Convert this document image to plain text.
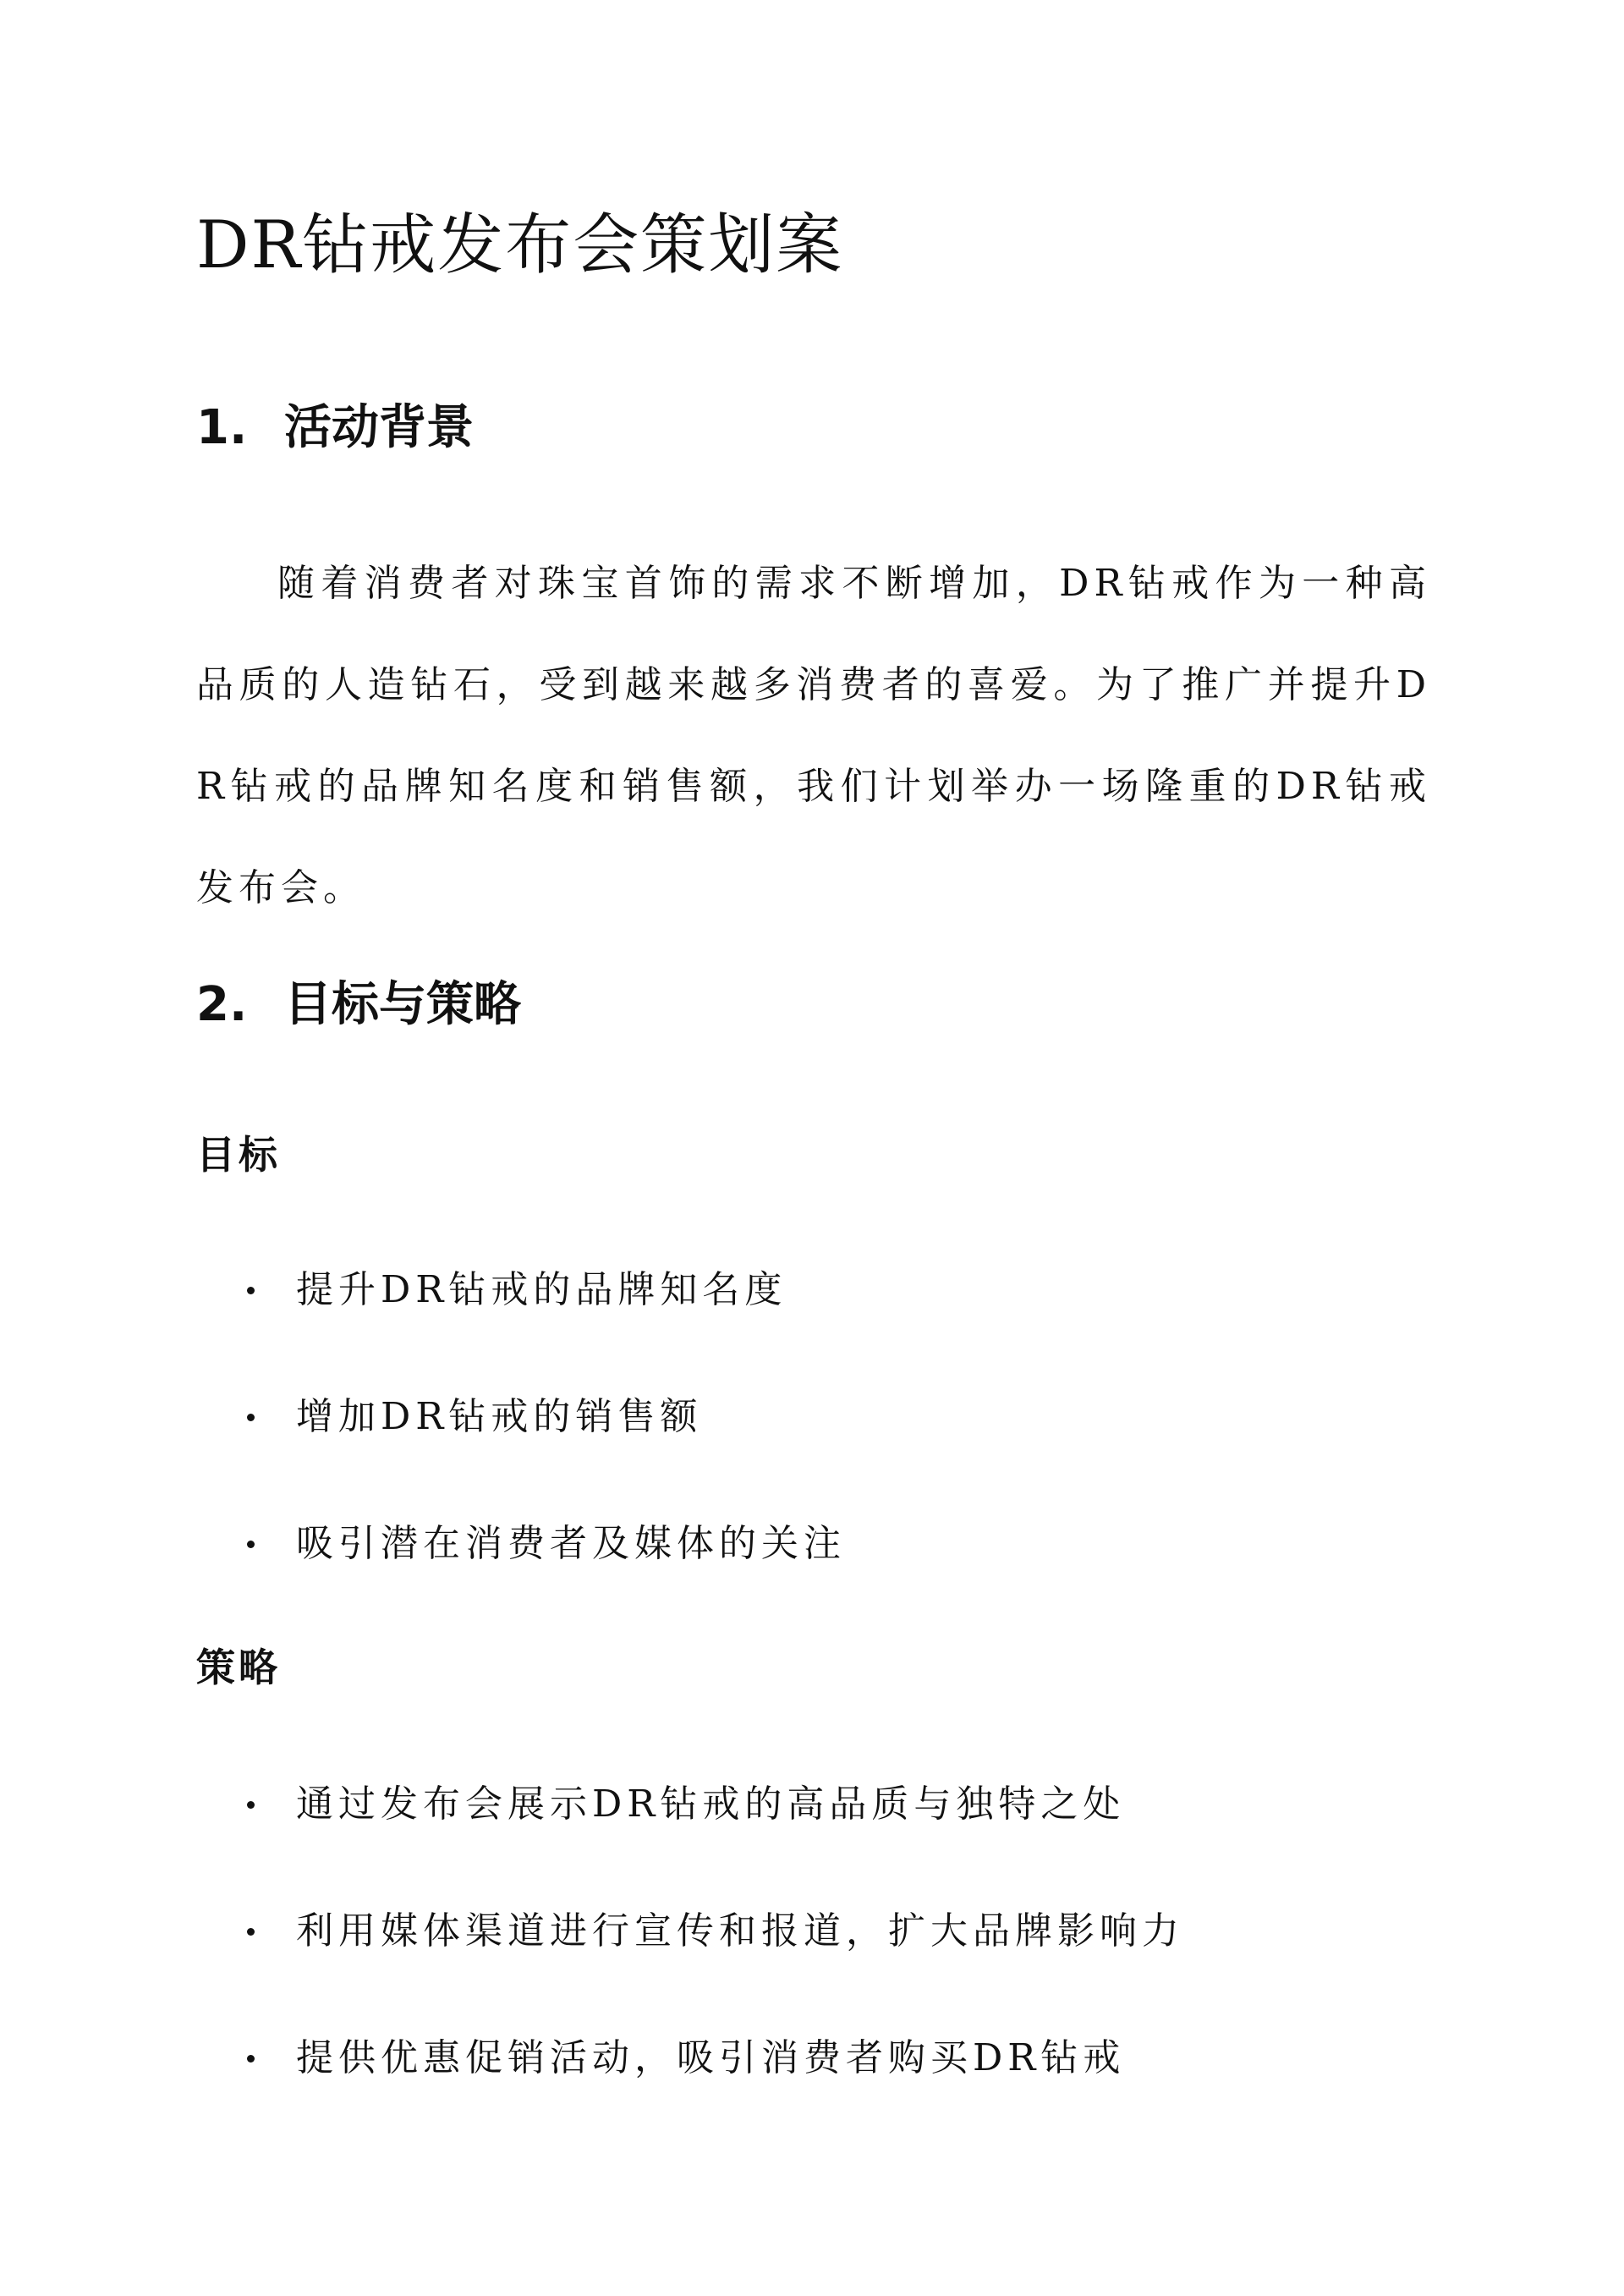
DR钻戒发布会策划案
1. 活动背景

随着消费者对珠宝首饰的需求不断增加，DR钻戒作为一种高品质的人造钻石，受到越来越多消费者的喜爱。为了推广并提升DR钻戒的品牌知名度和销售额，我们计划举办一场隆重的DR钻戒发布会。

2. 目标与策略
目标
提升DR钻戒的品牌知名度
增加DR钻戒的销售额
吸引潜在消费者及媒体的关注
策略
通过发布会展示DR钻戒的高品质与独特之处
利用媒体渠道进行宣传和报道，扩大品牌影响力
提供优惠促销活动，吸引消费者购买DR钻戒
